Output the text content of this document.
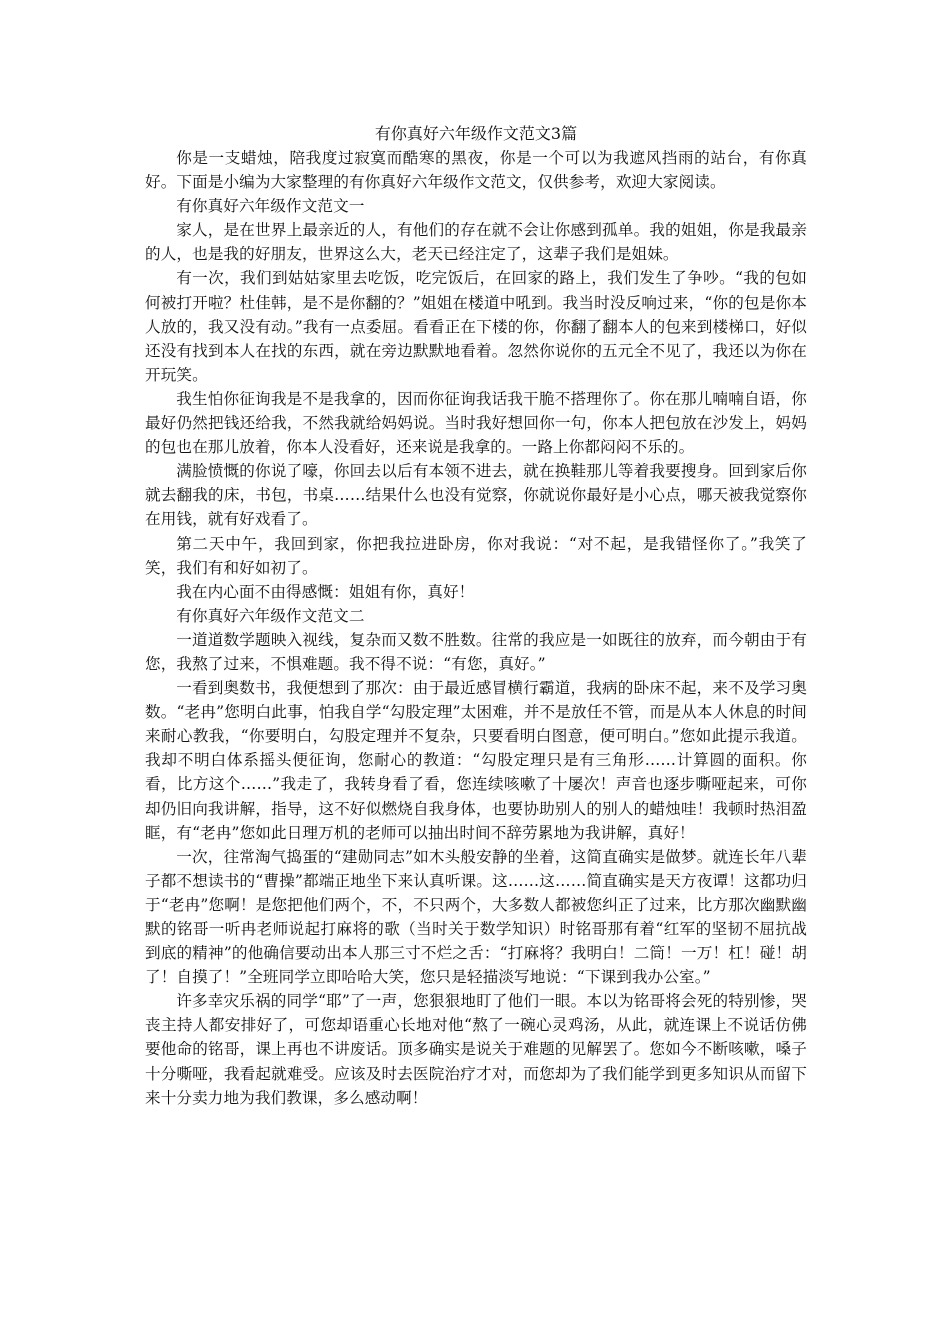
有你真好六年级作文范文3篇

你是一支蜡烛，陪我度过寂寞而酷寒的黑夜，你是一个可以为我遮风挡雨的站台，有你真好。下面是小编为大家整理的有你真好六年级作文范文，仅供参考，欢迎大家阅读。

有你真好六年级作文范文一

家人，是在世界上最亲近的人，有他们的存在就不会让你感到孤单。我的姐姐，你是我最亲的人，也是我的好朋友，世界这么大，老天已经注定了，这辈子我们是姐妹。

有一次，我们到姑姑家里去吃饭，吃完饭后，在回家的路上，我们发生了争吵。“我的包如何被打开啦？杜佳韩，是不是你翻的？”姐姐在楼道中吼到。我当时没反响过来，“你的包是你本人放的，我又没有动。”我有一点委屈。看看正在下楼的你，你翻了翻本人的包来到楼梯口，好似还没有找到本人在找的东西，就在旁边默默地看着。忽然你说你的五元全不见了，我还以为你在开玩笑。

我生怕你征询我是不是我拿的，因而你征询我话我干脆不搭理你了。你在那儿喃喃自语，你最好仍然把钱还给我，不然我就给妈妈说。当时我好想回你一句，你本人把包放在沙发上，妈妈的包也在那儿放着，你本人没看好，还来说是我拿的。一路上你都闷闷不乐的。

满脸愤慨的你说了嚎，你回去以后有本领不进去，就在换鞋那儿等着我要搜身。回到家后你就去翻我的床，书包，书桌……结果什么也没有觉察，你就说你最好是小心点，哪天被我觉察你在用钱，就有好戏看了。

第二天中午，我回到家，你把我拉进卧房，你对我说：“对不起，是我错怪你了。”我笑了笑，我们有和好如初了。

我在内心面不由得感慨：姐姐有你，真好！

有你真好六年级作文范文二

一道道数学题映入视线，复杂而又数不胜数。往常的我应是一如既往的放弃，而今朝由于有您，我熬了过来，不惧难题。我不得不说：“有您，真好。”

一看到奥数书，我便想到了那次：由于最近感冒横行霸道，我病的卧床不起，来不及学习奥数。“老冉”您明白此事，怕我自学“勾股定理”太困难，并不是放任不管，而是从本人休息的时间来耐心教我，“你要明白，勾股定理并不复杂，只要看明白图意，便可明白。”您如此提示我道。我却不明白体系摇头便征询，您耐心的教道：“勾股定理只是有三角形……计算圆的面积。你看，比方这个……”我走了，我转身看了看，您连续咳嗽了十屡次！声音也逐步嘶哑起来，可你却仍旧向我讲解，指导，这不好似燃烧自我身体，也要协助别人的别人的蜡烛哇！我顿时热泪盈眶，有“老冉”您如此日理万机的老师可以抽出时间不辞劳累地为我讲解，真好！

一次，往常淘气捣蛋的“建勋同志”如木头般安静的坐着，这简直确实是做梦。就连长年八辈子都不想读书的“曹操”都端正地坐下来认真听课。这……这……简直确实是天方夜谭！这都功归于“老冉”您啊！是您把他们两个，不，不只两个，大多数人都被您纠正了过来，比方那次幽默幽默的铭哥一听冉老师说起打麻将的歌（当时关于数学知识）时铭哥那有着“红军的坚韧不屈抗战到底的精神”的他确信要动出本人那三寸不烂之舌：“打麻将？我明白！二筒！一万！杠！碰！胡了！自摸了！”全班同学立即哈哈大笑，您只是轻描淡写地说：“下课到我办公室。”

许多幸灾乐祸的同学“耶”了一声，您狠狠地盯了他们一眼。本以为铭哥将会死的特别惨，哭丧主持人都安排好了，可您却语重心长地对他“熬了一碗心灵鸡汤，从此，就连课上不说话仿佛要他命的铭哥，课上再也不讲废话。顶多确实是说关于难题的见解罢了。您如今不断咳嗽，嗓子十分嘶哑，我看起就难受。应该及时去医院治疗才对，而您却为了我们能学到更多知识从而留下来十分卖力地为我们教课，多么感动啊！
